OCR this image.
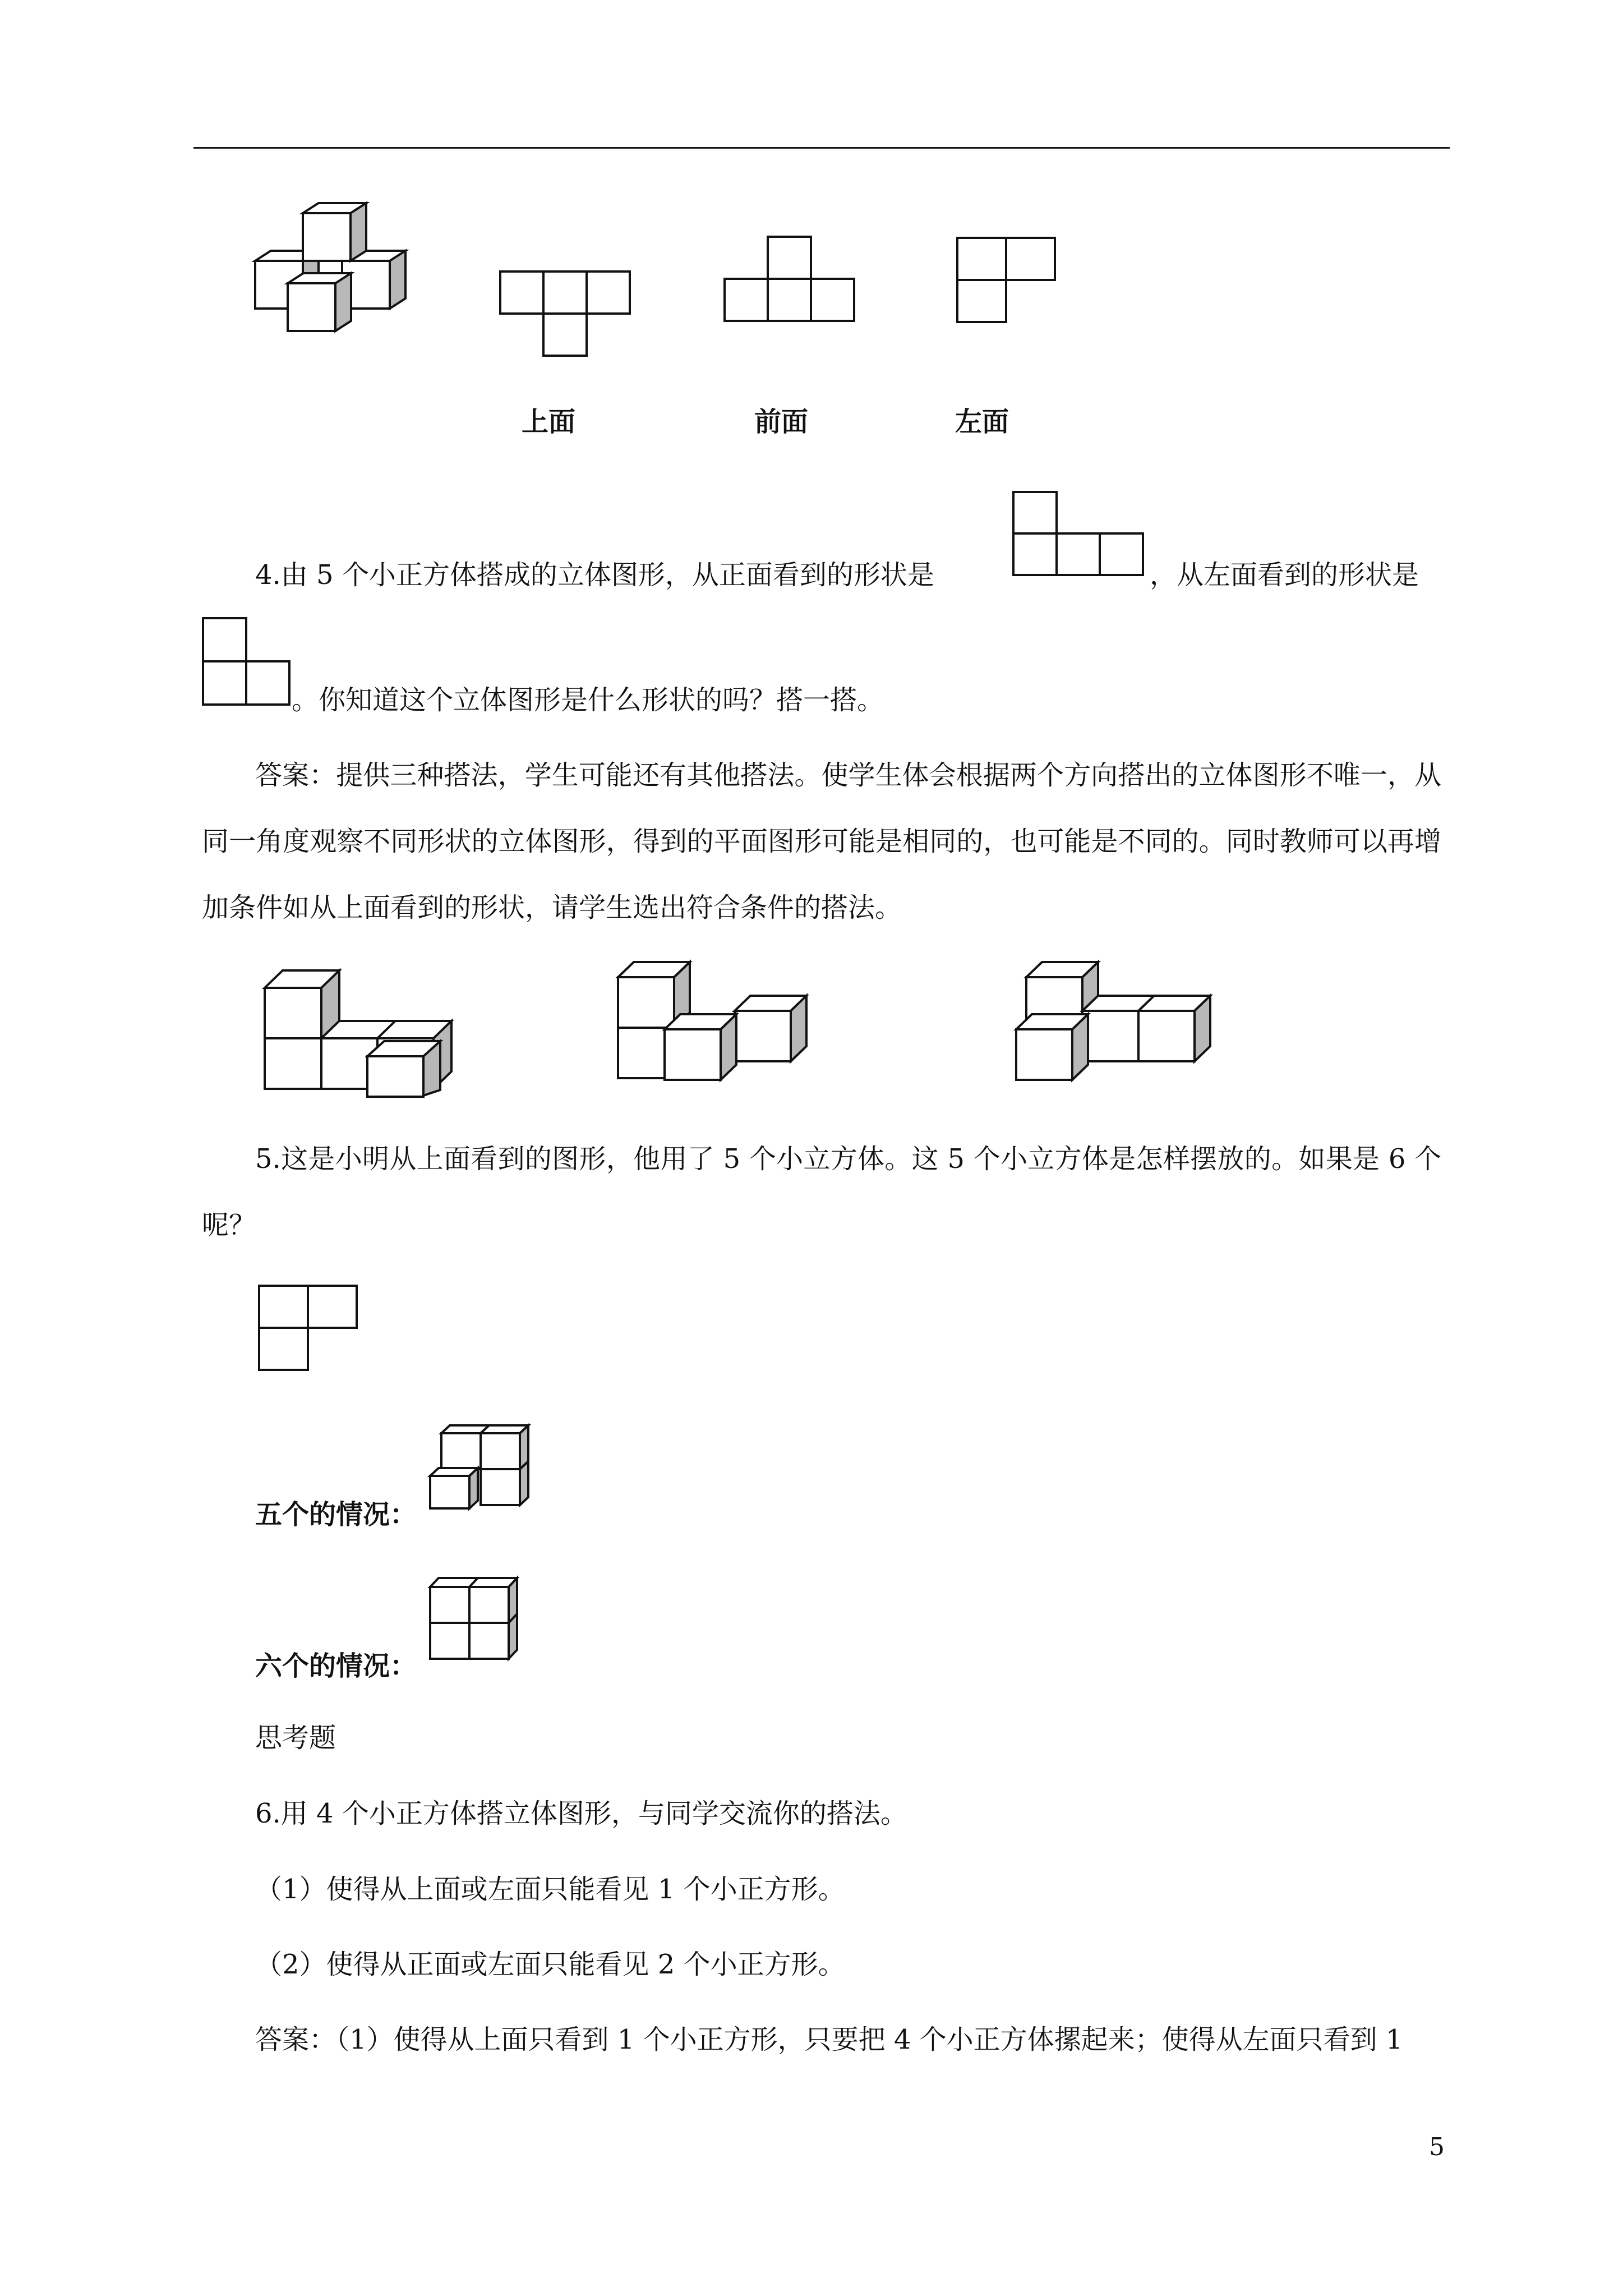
上面	前面	左面
4.由 5 个小正方体搭成的立体图形，从正面看到的形状是	，从左面看到的形状是
。你知道这个立体图形是什么形状的吗？搭一搭。
答案：提供三种搭法，学生可能还有其他搭法。使学生体会根据两个方向搭出的立体图形不唯一，从同一角度观察不同形状的立体图形，得到的平面图形可能是相同的，也可能是不同的。同时教师可以再增加条件如从上面看到的形状，请学生选出符合条件的搭法。
5.这是小明从上面看到的图形，他用了 5 个小立方体。这 5 个小立方体是怎样摆放的。如果是 6 个呢？
五个的情况：
六个的情况：
思考题
6.用 4 个小正方体搭立体图形，与同学交流你的搭法。
（1）使得从上面或左面只能看见 1 个小正方形。
（2）使得从正面或左面只能看见 2 个小正方形。
答案：（1）使得从上面只看到 1 个小正方形，只要把 4 个小正方体摞起来；使得从左面只看到 1
5
